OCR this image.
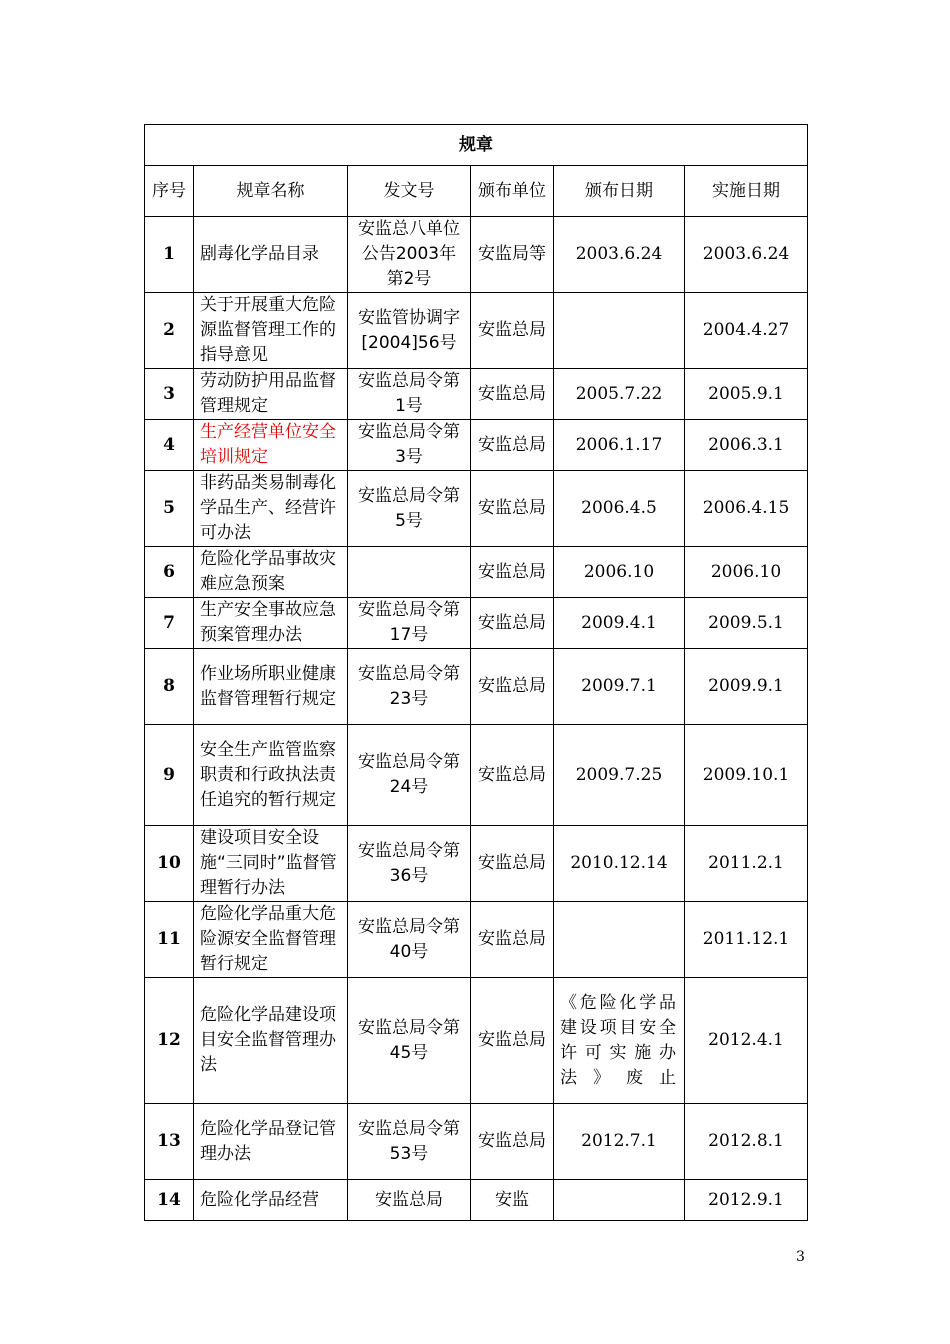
规章					
序号	规章名称	发文号	颁布单位	颁布日期	实施日期
1	剧毒化学品目录	安监总八单位公告2003年第2号	安监局等	2003.6.24	2003.6.24
2	关于开展重大危险源监督管理工作的指导意见	安监管协调字[2004]56号	安监总局		2004.4.27
3	劳动防护用品监督管理规定	安监总局令第1号	安监总局	2005.7.22	2005.9.1
4	生产经营单位安全培训规定	安监总局令第3号	安监总局	2006.1.17	2006.3.1
5	非药品类易制毒化学品生产、经营许可办法	安监总局令第5号	安监总局	2006.4.5	2006.4.15
6	危险化学品事故灾难应急预案		安监总局	2006.10	2006.10
7	生产安全事故应急预案管理办法	安监总局令第17号	安监总局	2009.4.1	2009.5.1
8	作业场所职业健康监督管理暂行规定	安监总局令第23号	安监总局	2009.7.1	2009.9.1
9	安全生产监管监察职责和行政执法责任追究的暂行规定	安监总局令第24号	安监总局	2009.7.25	2009.10.1
10	建设项目安全设施“三同时”监督管理暂行办法	安监总局令第36号	安监总局	2010.12.14	2011.2.1
11	危险化学品重大危险源安全监督管理暂行规定	安监总局令第40号	安监总局		2011.12.1
12	危险化学品建设项目安全监督管理办法	安监总局令第45号	安监总局	《危险化学品建设项目安全许可实施办法》废止	2012.4.1
13	危险化学品登记管理办法	安监总局令第53号	安监总局	2012.7.1	2012.8.1
14	危险化学品经营	安监总局	安监		2012.9.1
3
